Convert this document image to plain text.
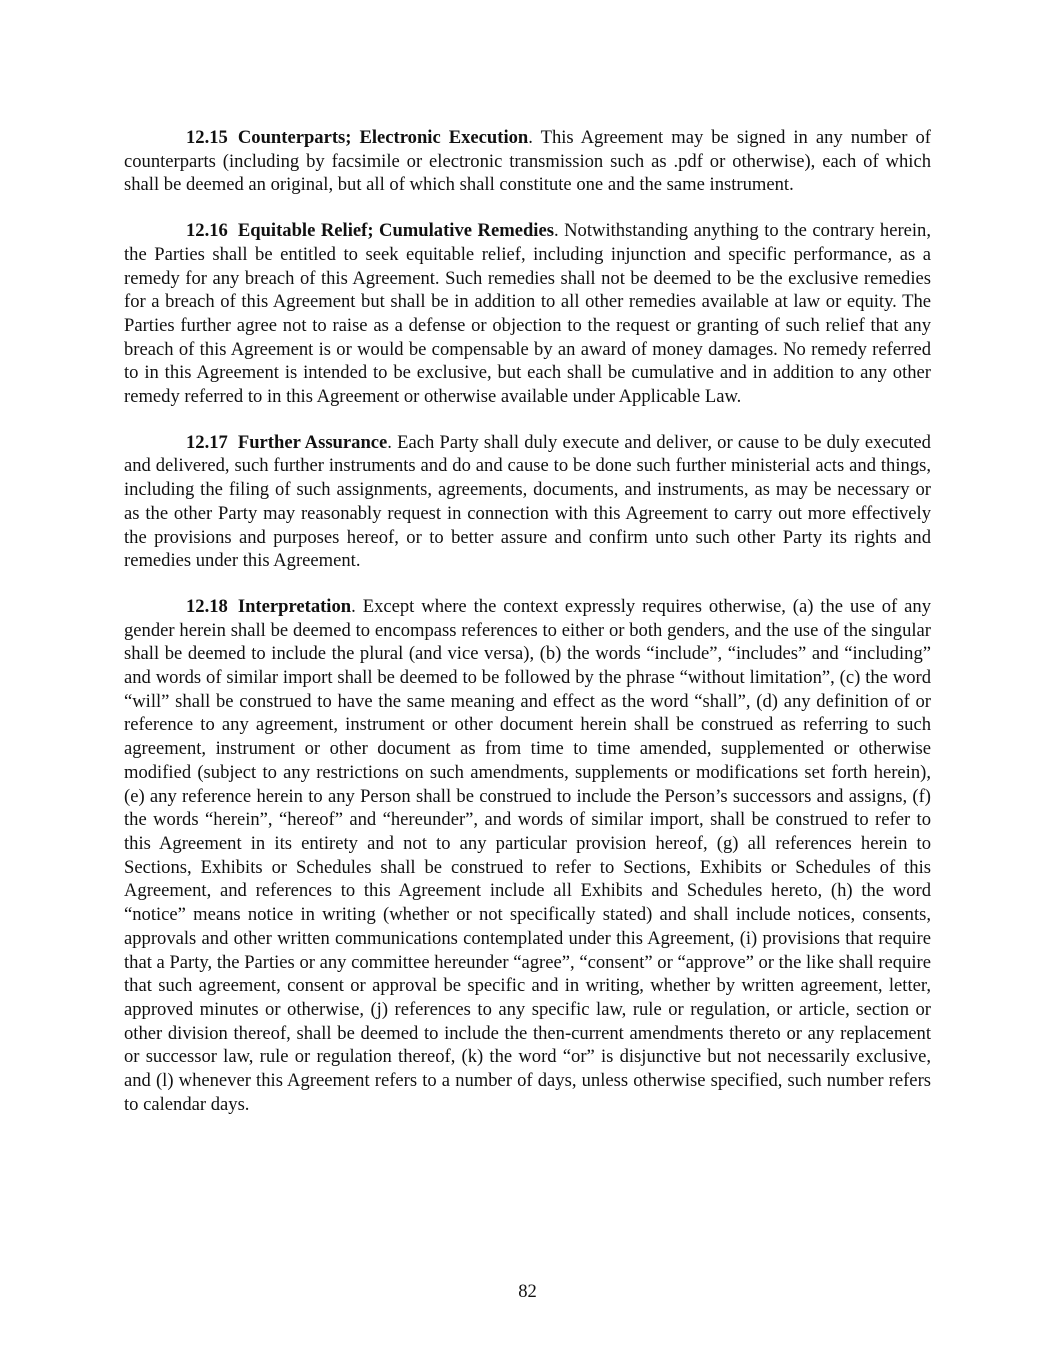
12.15 Counterparts; Electronic Execution. This Agreement may be signed in any number of counterparts (including by facsimile or electronic transmission such as .pdf or otherwise), each of which shall be deemed an original, but all of which shall constitute one and the same instrument.

12.16 Equitable Relief; Cumulative Remedies. Notwithstanding anything to the contrary herein, the Parties shall be entitled to seek equitable relief, including injunction and specific performance, as a remedy for any breach of this Agreement. Such remedies shall not be deemed to be the exclusive remedies for a breach of this Agreement but shall be in addition to all other remedies available at law or equity. The Parties further agree not to raise as a defense or objection to the request or granting of such relief that any breach of this Agreement is or would be compensable by an award of money damages. No remedy referred to in this Agreement is intended to be exclusive, but each shall be cumulative and in addition to any other remedy referred to in this Agreement or otherwise available under Applicable Law.

12.17 Further Assurance. Each Party shall duly execute and deliver, or cause to be duly executed and delivered, such further instruments and do and cause to be done such further ministerial acts and things, including the filing of such assignments, agreements, documents, and instruments, as may be necessary or as the other Party may reasonably request in connection with this Agreement to carry out more effectively the provisions and purposes hereof, or to better assure and confirm unto such other Party its rights and remedies under this Agreement.

12.18 Interpretation. Except where the context expressly requires otherwise, (a) the use of any gender herein shall be deemed to encompass references to either or both genders, and the use of the singular shall be deemed to include the plural (and vice versa), (b) the words “include”, “includes” and “including” and words of similar import shall be deemed to be followed by the phrase “without limitation”, (c) the word “will” shall be construed to have the same meaning and effect as the word “shall”, (d) any definition of or reference to any agreement, instrument or other document herein shall be construed as referring to such agreement, instrument or other document as from time to time amended, supplemented or otherwise modified (subject to any restrictions on such amendments, supplements or modifications set forth herein), (e) any reference herein to any Person shall be construed to include the Person’s successors and assigns, (f) the words “herein”, “hereof” and “hereunder”, and words of similar import, shall be construed to refer to this Agreement in its entirety and not to any particular provision hereof, (g) all references herein to Sections, Exhibits or Schedules shall be construed to refer to Sections, Exhibits or Schedules of this Agreement, and references to this Agreement include all Exhibits and Schedules hereto, (h) the word “notice” means notice in writing (whether or not specifically stated) and shall include notices, consents, approvals and other written communications contemplated under this Agreement, (i) provisions that require that a Party, the Parties or any committee hereunder “agree”, “consent” or “approve” or the like shall require that such agreement, consent or approval be specific and in writing, whether by written agreement, letter, approved minutes or otherwise, (j) references to any specific law, rule or regulation, or article, section or other division thereof, shall be deemed to include the then-current amendments thereto or any replacement or successor law, rule or regulation thereof, (k) the word “or” is disjunctive but not necessarily exclusive, and (l) whenever this Agreement refers to a number of days, unless otherwise specified, such number refers to calendar days.

82
